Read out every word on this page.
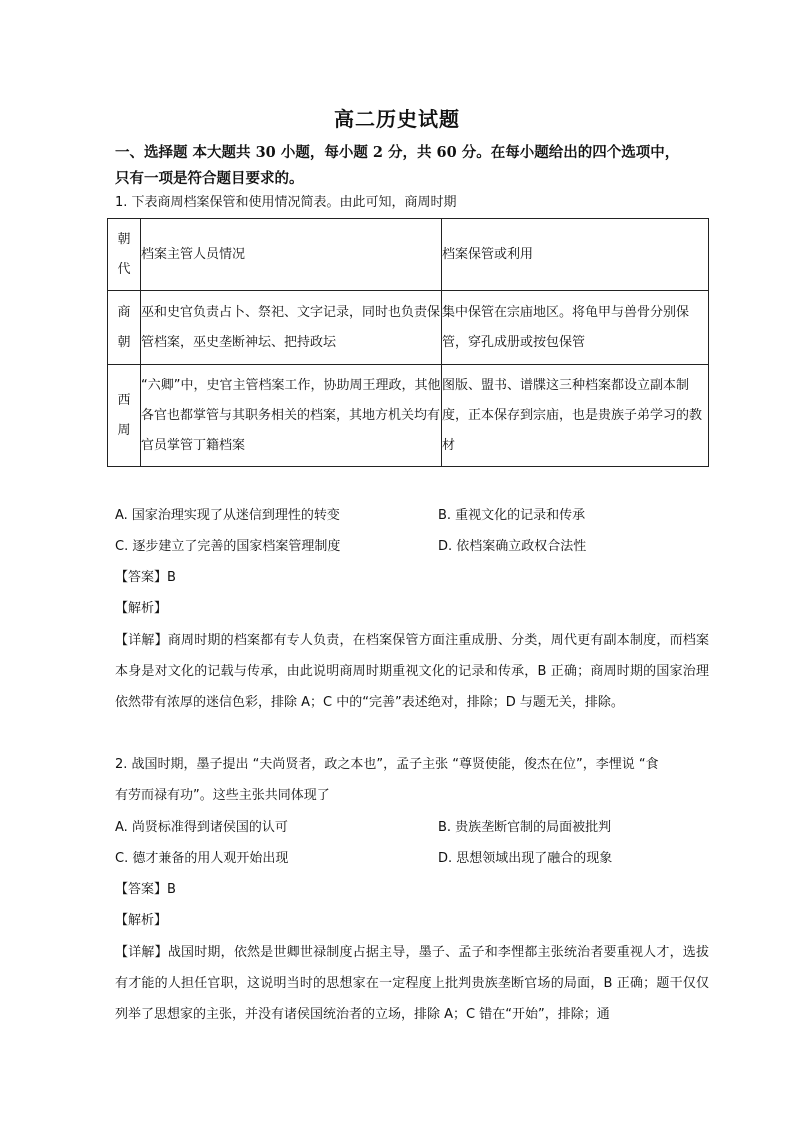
高二历史试题
一、选择题 本大题共 30 小题，每小题 2 分，共 60 分。在每小题给出的四个选项中，
只有一项是符合题目要求的。
1. 下表商周档案保管和使用情况简表。由此可知，商周时期
朝
代	档案主管人员情况	档案保管或利用
商
朝	巫和史官负责占卜、祭祀、文字记录，同时也负责保管档案，巫史垄断神坛、把持政坛	集中保管在宗庙地区。将龟甲与兽骨分别保管，穿孔成册或按包保管

西
周	“六卿”中，史官主管档案工作，协助周王理政，其他各官也都掌管与其职务相关的档案，其地方机关均有官员掌管丁籍档案	图版、盟书、谱牒这三种档案都设立副本制度，正本保存到宗庙，也是贵族子弟学习的教材
A. 国家治理实现了从迷信到理性的转变	B. 重视文化的记录和传承
C. 逐步建立了完善的国家档案管理制度	D. 依档案确立政权合法性
【答案】B
【解析】
【详解】商周时期的档案都有专人负责，在档案保管方面注重成册、分类，周代更有副本制度，而档案本身是对文化的记载与传承，由此说明商周时期重视文化的记录和传承，B 正确；商周时期的国家治理依然带有浓厚的迷信色彩，排除 A；C 中的“完善”表述绝对，排除；D 与题无关，排除。
2. 战国时期，墨子提出 “夫尚贤者，政之本也”，孟子主张 “尊贤使能，俊杰在位”，李悝说 “食
有劳而禄有功”。这些主张共同体现了
A. 尚贤标准得到诸侯国的认可	B. 贵族垄断官制的局面被批判
C. 德才兼备的用人观开始出现	D. 思想领域出现了融合的现象
【答案】B
【解析】
【详解】战国时期，依然是世卿世禄制度占据主导，墨子、孟子和李悝都主张统治者要重视人才，选拔有才能的人担任官职，这说明当时的思想家在一定程度上批判贵族垄断官场的局面，B 正确；题干仅仅列举了思想家的主张，并没有诸侯国统治者的立场，排除 A；C 错在“开始”，排除；通
